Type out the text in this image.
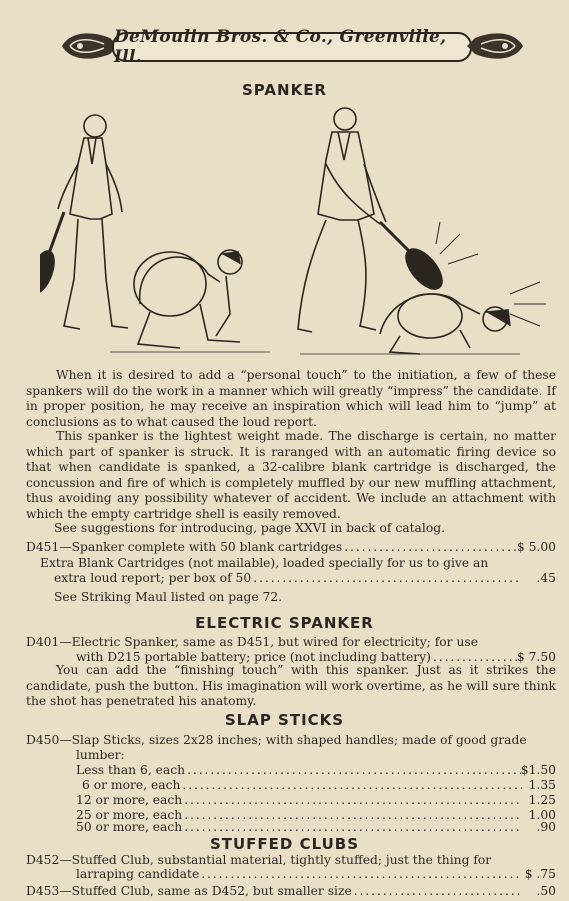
DeMoulin Bros. & Co., Greenville, Ill.
SPANKER

When it is desired to add a “personal touch” to the initiation, a few of these spankers will do the work in a manner which will greatly “impress” the candidate. If in proper position, he may receive an inspiration which will lead him to “jump” at conclusions as to what caused the loud report.

This spanker is the lightest weight made. The discharge is certain, no matter which part of spanker is struck. It is raranged with an automatic firing device so that when candidate is spanked, a 32-calibre blank cartridge is discharged, the concussion and fire of which is completely muffled by our new muffling attachment, thus avoiding any possibility whatever of accident. We include an attachment with which the empty cartridge shell is easily removed.

See suggestions for introducing, page XXVI in back of catalog.

D451—Spanker complete with 50 blank cartridges . . .	$ 5.00

Extra Blank Cartridges (not mailable), loaded specially for us to give an

extra loud report; per box of 50 . . .	.45

See Striking Maul listed on page 72.

ELECTRIC SPANKER

D401—Electric Spanker, same as D451, but wired for electricity; for use

with D215 portable battery; price (not including battery) . . .	$ 7.50

You can add the “finishing touch” with this spanker. Just as it strikes the candidate, push the button. His imagination will work overtime, as he will sure think the shot has penetrated his anatomy.

SLAP STICKS

D450—Slap Sticks, sizes 2x28 inches; with shaped handles; made of good grade

lumber:

Less than 6, each . . .	$1.50
6 or more, each . . .	1.35
12 or more, each . . .	1.25
25 or more, each . . .	1.00
50 or more, each . . .	.90
STUFFED CLUBS

D452—Stuffed Club, substantial material, tightly stuffed; just the thing for

larraping candidate . . .	$ .75
D453—Stuffed Club, same as D452, but smaller size . . .	.50
